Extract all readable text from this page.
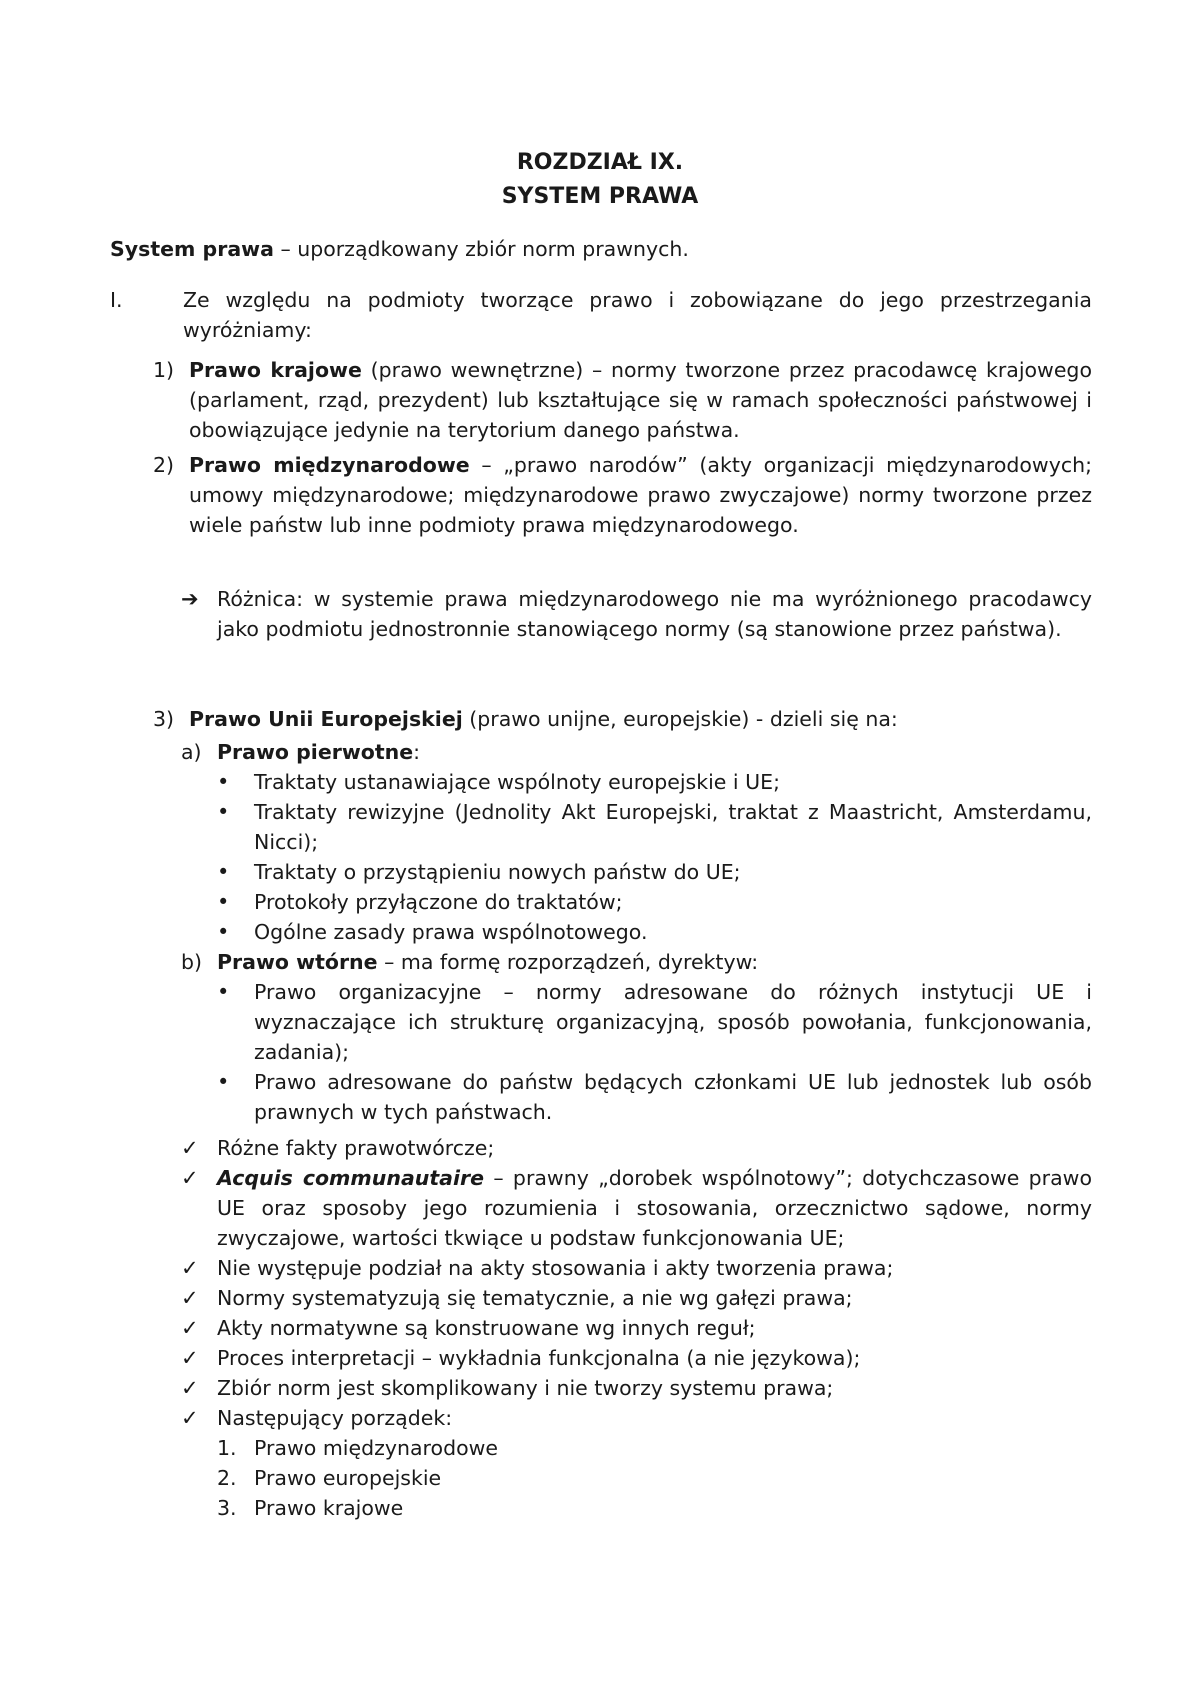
ROZDZIAŁ IX.
SYSTEM PRAWA
System prawa – uporządkowany zbiór norm prawnych.
I.	Ze względu na podmioty tworzące prawo i zobowiązane do jego przestrzegania wyróżniamy:
1) Prawo krajowe (prawo wewnętrzne) – normy tworzone przez pracodawcę krajowego (parlament, rząd, prezydent) lub kształtujące się w ramach społeczności państwowej i obowiązujące jedynie na terytorium danego państwa.
2) Prawo międzynarodowe – „prawo narodów” (akty organizacji międzynarodowych; umowy międzynarodowe; międzynarodowe prawo zwyczajowe) normy tworzone przez wiele państw lub inne podmioty prawa międzynarodowego.
➔ Różnica: w systemie prawa międzynarodowego nie ma wyróżnionego pracodawcy jako podmiotu jednostronnie stanowiącego normy (są stanowione przez państwa).
3) Prawo Unii Europejskiej (prawo unijne, europejskie) - dzieli się na:
a) Prawo pierwotne:
• Traktaty ustanawiające wspólnoty europejskie i UE;
• Traktaty rewizyjne (Jednolity Akt Europejski, traktat z Maastricht, Amsterdamu, Nicci);
• Traktaty o przystąpieniu nowych państw do UE;
• Protokoły przyłączone do traktatów;
• Ogólne zasady prawa wspólnotowego.
b) Prawo wtórne – ma formę rozporządzeń, dyrektyw:
• Prawo organizacyjne – normy adresowane do różnych instytucji UE i wyznaczające ich strukturę organizacyjną, sposób powołania, funkcjonowania, zadania);
• Prawo adresowane do państw będących członkami UE lub jednostek lub osób prawnych w tych państwach.
✓ Różne fakty prawotwórcze;
✓ Acquis communautaire – prawny „dorobek wspólnotowy”; dotychczasowe prawo UE oraz sposoby jego rozumienia i stosowania, orzecznictwo sądowe, normy zwyczajowe, wartości tkwiące u podstaw funkcjonowania UE;
✓ Nie występuje podział na akty stosowania i akty tworzenia prawa;
✓ Normy systematyzują się tematycznie, a nie wg gałęzi prawa;
✓ Akty normatywne są konstruowane wg innych reguł;
✓ Proces interpretacji – wykładnia funkcjonalna (a nie językowa);
✓ Zbiór norm jest skomplikowany i nie tworzy systemu prawa;
✓ Następujący porządek:
1. Prawo międzynarodowe
2. Prawo europejskie
3. Prawo krajowe
